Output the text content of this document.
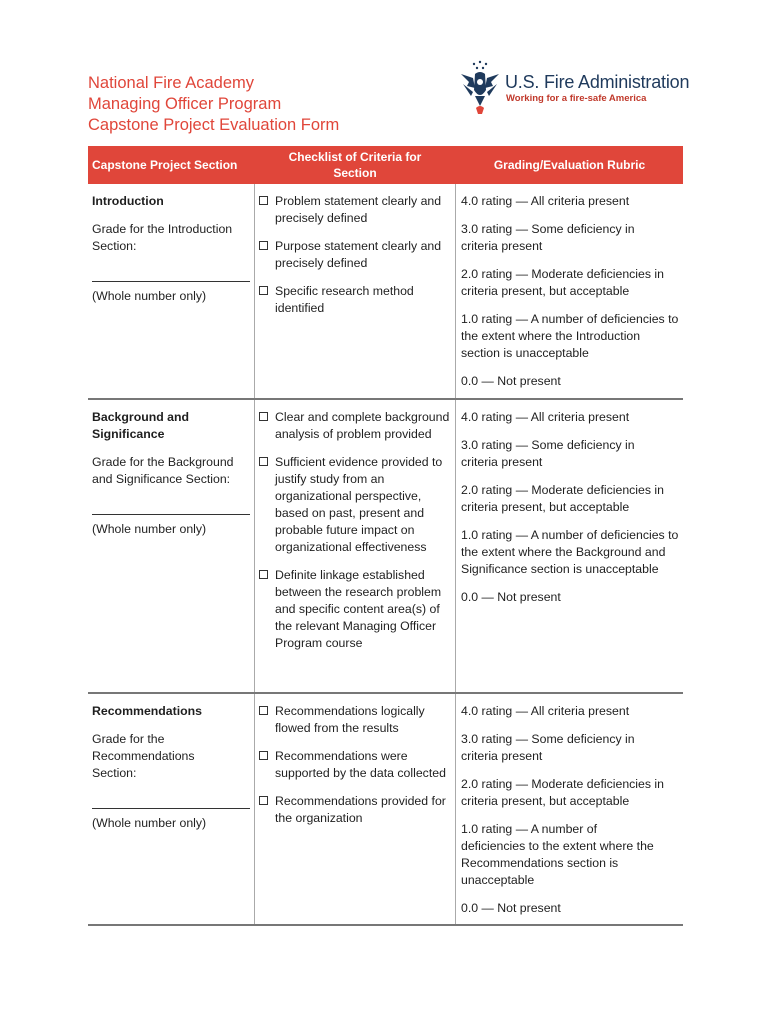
National Fire Academy
Managing Officer Program
Capstone Project Evaluation Form
U.S. Fire Administration
Working for a fire-safe America
Capstone Project Section
Checklist of Criteria for Section
Grading/Evaluation Rubric

Introduction

Grade for the Introduction Section:
(Whole number only)
Problem statement clearly and precisely defined
Purpose statement clearly and precisely defined
Specific research method identified
4.0 rating — All criteria present
3.0 rating — Some deficiency in criteria present
2.0 rating — Moderate deficiencies in criteria present, but acceptable
1.0 rating — A number of deficiencies to the extent where the Introduction section is unacceptable
0.0 — Not present

Background and Significance

Grade for the Background and Significance Section:
(Whole number only)
Clear and complete background analysis of problem provided
Sufficient evidence provided to justify study from an organizational perspective, based on past, present and probable future impact on organizational effectiveness
Definite linkage established between the research problem and specific content area(s) of the relevant Managing Officer Program course
4.0 rating — All criteria present
3.0 rating — Some deficiency in criteria present
2.0 rating — Moderate deficiencies in criteria present, but acceptable
1.0 rating — A number of deficiencies to the extent where the Background and Significance section is unacceptable
0.0 — Not present

Recommendations

Grade for the Recommendations Section:
(Whole number only)
Recommendations logically flowed from the results
Recommendations were supported by the data collected
Recommendations provided for the organization
4.0 rating — All criteria present
3.0 rating — Some deficiency in criteria present
2.0 rating — Moderate deficiencies in criteria present, but acceptable
1.0 rating — A number of deficiencies to the extent where the Recommendations section is unacceptable
0.0 — Not present
